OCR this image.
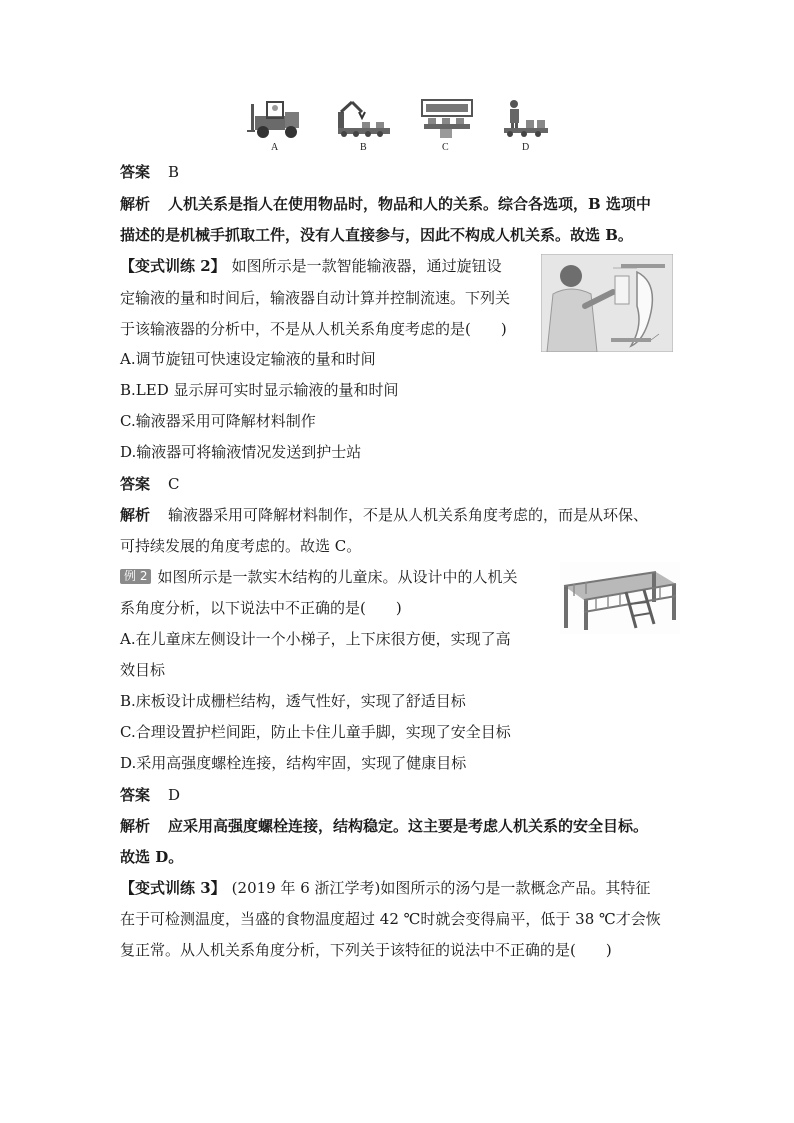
A	B	C	D
答案 B
解析 人机关系是指人在使用物品时，物品和人的关系。综合各选项，B 选项中
描述的是机械手抓取工件，没有人直接参与，因此不构成人机关系。故选 B。
【变式训练 2】 如图所示是一款智能输液器，通过旋钮设
定输液的量和时间后，输液器自动计算并控制流速。下列关
于该输液器的分析中，不是从人机关系角度考虑的是(　　)
A.调节旋钮可快速设定输液的量和时间
B.LED 显示屏可实时显示输液的量和时间
C.输液器采用可降解材料制作
D.输液器可将输液情况发送到护士站
答案 C
解析 输液器采用可降解材料制作，不是从人机关系角度考虑的，而是从环保、
可持续发展的角度考虑的。故选 C。
例 2 如图所示是一款实木结构的儿童床。从设计中的人机关
系角度分析，以下说法中不正确的是(　　)
A.在儿童床左侧设计一个小梯子，上下床很方便，实现了高
效目标
B.床板设计成栅栏结构，透气性好，实现了舒适目标
C.合理设置护栏间距，防止卡住儿童手脚，实现了安全目标
D.采用高强度螺栓连接，结构牢固，实现了健康目标
答案 D
解析 应采用高强度螺栓连接，结构稳定。这主要是考虑人机关系的安全目标。
故选 D。
【变式训练 3】 (2019 年 6 浙江学考)如图所示的汤勺是一款概念产品。其特征
在于可检测温度，当盛的食物温度超过 42 ℃时就会变得扁平，低于 38 ℃才会恢
复正常。从人机关系角度分析，下列关于该特征的说法中不正确的是(　　)
